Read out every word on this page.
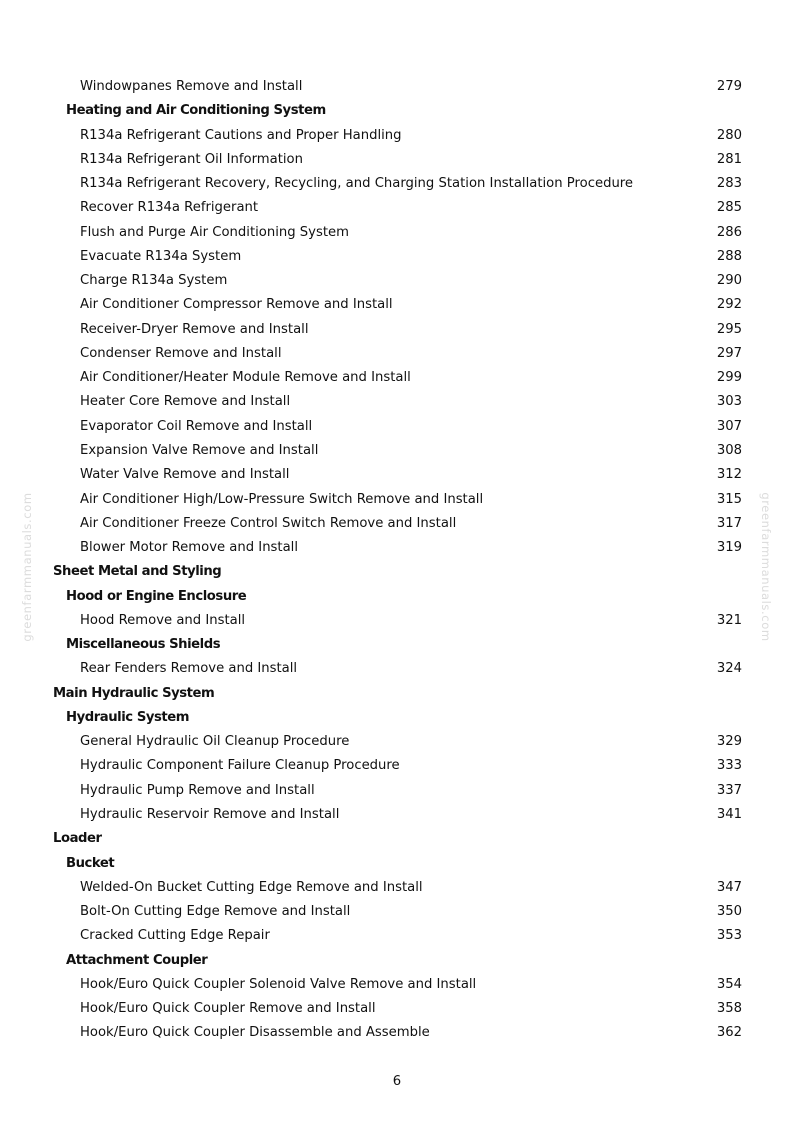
greenfarmmanuals.com	greenfarmmanuals.com
Windowpanes Remove and Install	279
Heating and Air Conditioning System
R134a Refrigerant Cautions and Proper Handling	280
R134a Refrigerant Oil Information	281
R134a Refrigerant Recovery, Recycling, and Charging Station Installation Procedure	283
Recover R134a Refrigerant	285
Flush and Purge Air Conditioning System	286
Evacuate R134a System	288
Charge R134a System	290
Air Conditioner Compressor Remove and Install	292
Receiver-Dryer Remove and Install	295
Condenser Remove and Install	297
Air Conditioner/Heater Module Remove and Install	299
Heater Core Remove and Install	303
Evaporator Coil Remove and Install	307
Expansion Valve Remove and Install	308
Water Valve Remove and Install	312
Air Conditioner High/Low-Pressure Switch Remove and Install	315
Air Conditioner Freeze Control Switch Remove and Install	317
Blower Motor Remove and Install	319
Sheet Metal and Styling
Hood or Engine Enclosure
Hood Remove and Install	321
Miscellaneous Shields
Rear Fenders Remove and Install	324
Main Hydraulic System
Hydraulic System
General Hydraulic Oil Cleanup Procedure	329
Hydraulic Component Failure Cleanup Procedure	333
Hydraulic Pump Remove and Install	337
Hydraulic Reservoir Remove and Install	341
Loader
Bucket
Welded-On Bucket Cutting Edge Remove and Install	347
Bolt-On Cutting Edge Remove and Install	350
Cracked Cutting Edge Repair	353
Attachment Coupler
Hook/Euro Quick Coupler Solenoid Valve Remove and Install	354
Hook/Euro Quick Coupler Remove and Install	358
Hook/Euro Quick Coupler Disassemble and Assemble	362
6
